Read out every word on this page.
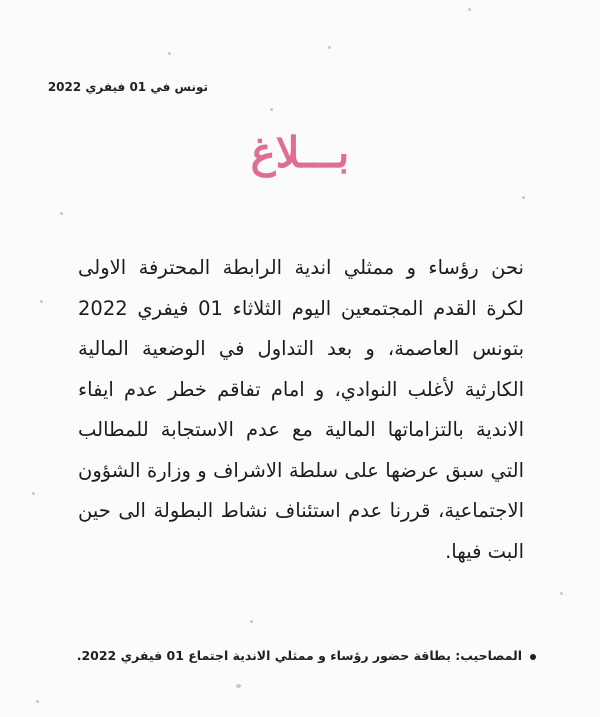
تونس في 01 فيفري 2022
بـــلاغ

نحن رؤساء و ممثلي اندية الرابطة المحترفة الاولى لكرة القدم المجتمعين اليوم الثلاثاء 01 فيفري 2022 بتونس العاصمة، و بعد التداول في الوضعية المالية الكارثية لأغلب النوادي، و امام تفاقم خطر عدم ايفاء الاندية بالتزاماتها المالية مع عدم الاستجابة للمطالب التي سبق عرضها على سلطة الاشراف و وزارة الشؤون الاجتماعية، قررنا عدم استئناف نشاط البطولة الى حين البت فيها.

المصاحيب: بطاقة حضور رؤساء و ممثلي الاندية اجتماع 01 فيفري 2022.
